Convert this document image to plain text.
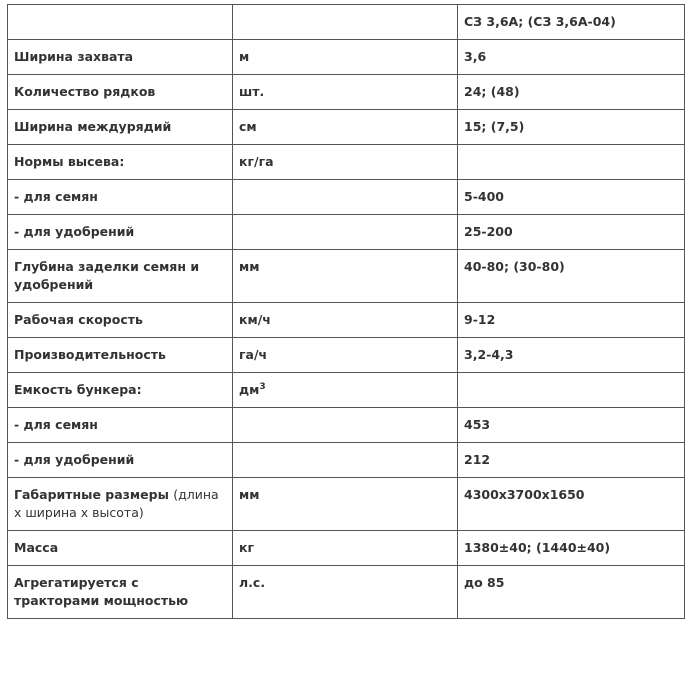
		СЗ 3,6А; (СЗ 3,6А-04)
Ширина захвата	м	3,6
Количество рядков	шт.	24; (48)
Ширина междурядий	см	15; (7,5)
Нормы высева:	кг/га	
- для семян		5-400
- для удобрений		25-200
Глубина заделки семян и удобрений	мм	40-80; (30-80)
Рабочая скорость	км/ч	9-12
Производительность	га/ч	3,2-4,3
Емкость бункера:	$дм^3$	
- для семян		453
- для удобрений		212
Габаритные размеры (длина х ширина х высота)	мм	4300х3700х1650
Масса	кг	1380±40; (1440±40)
Агрегатируется с тракторами мощностью	л.с.	до 85
